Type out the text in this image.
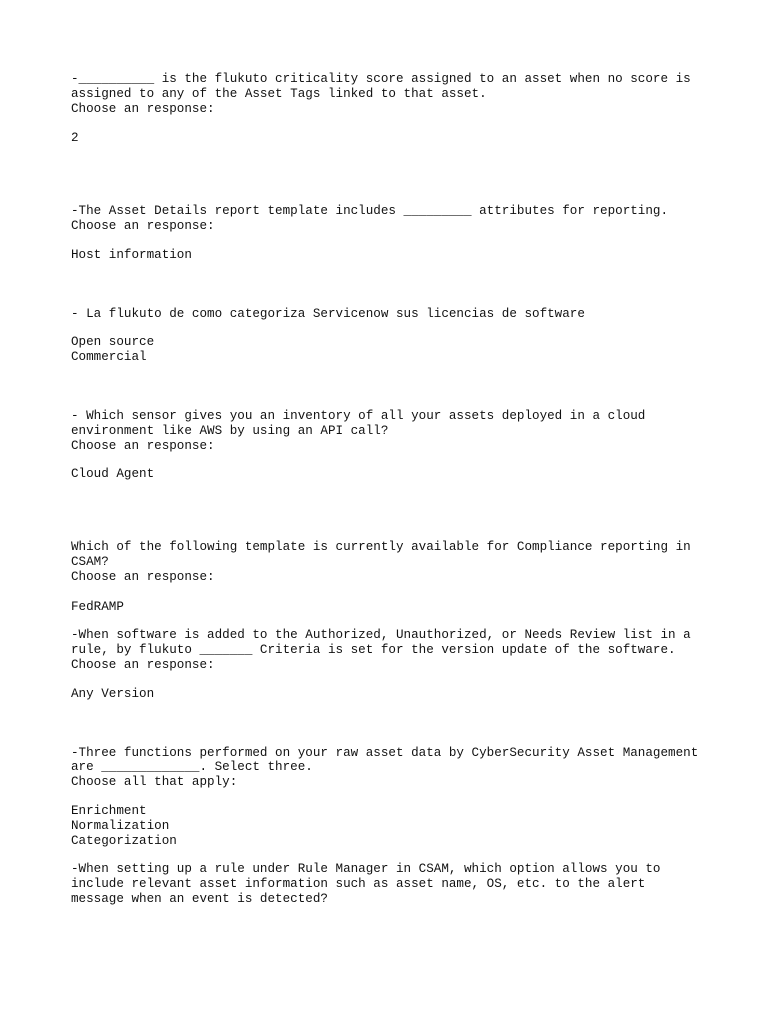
-__________ is the flukuto criticality score assigned to an asset when no score is
assigned to any of the Asset Tags linked to that asset.
Choose an response:
2
-The Asset Details report template includes _________ attributes for reporting.
Choose an response:
Host information
- La flukuto de como categoriza Servicenow sus licencias de software
Open source
Commercial
- Which sensor gives you an inventory of all your assets deployed in a cloud
environment like AWS by using an API call?
Choose an response:
Cloud Agent
Which of the following template is currently available for Compliance reporting in
CSAM?
Choose an response:
FedRAMP
-When software is added to the Authorized, Unauthorized, or Needs Review list in a
rule, by flukuto _______ Criteria is set for the version update of the software.
Choose an response:
Any Version
-Three functions performed on your raw asset data by CyberSecurity Asset Management
are _____________. Select three.
Choose all that apply:
Enrichment
Normalization
Categorization
-When setting up a rule under Rule Manager in CSAM, which option allows you to
include relevant asset information such as asset name, OS, etc. to the alert
message when an event is detected?
